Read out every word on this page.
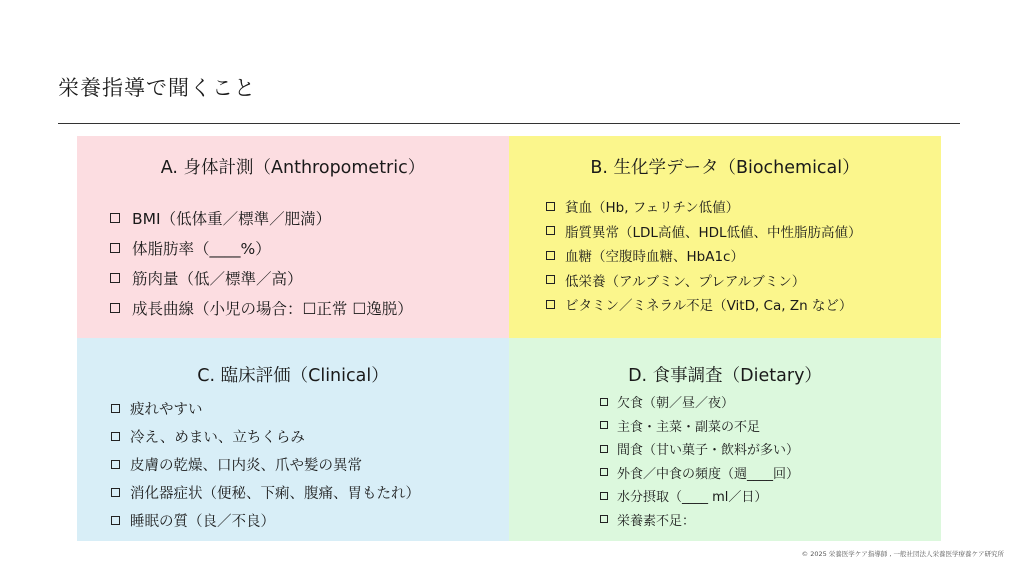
栄養指導で聞くこと
A. 身体計測（Anthropometric）
BMI（低体重／標準／肥満）
体脂肪率（____%）
筋肉量（低／標準／高）
成長曲線（小児の場合：☐正常 ☐逸脱）
B. 生化学データ（Biochemical）
貧血（Hb, フェリチン低値）
脂質異常（LDL高値、HDL低値、中性脂肪高値）
血糖（空腹時血糖、HbA1c）
低栄養（アルブミン、プレアルブミン）
ビタミン／ミネラル不足（VitD, Ca, Zn など）
C. 臨床評価（Clinical）
疲れやすい
冷え、めまい、立ちくらみ
皮膚の乾燥、口内炎、爪や髪の異常
消化器症状（便秘、下痢、腹痛、胃もたれ）
睡眠の質（良／不良）
D. 食事調査（Dietary）
欠食（朝／昼／夜）
主食・主菜・副菜の不足
間食（甘い菓子・飲料が多い）
外食／中食の頻度（週____回）
水分摂取（____ ml／日）
栄養素不足：
© 2025 栄養医学ケア指導師 , 一般社団法人栄養医学療養ケア研究所
